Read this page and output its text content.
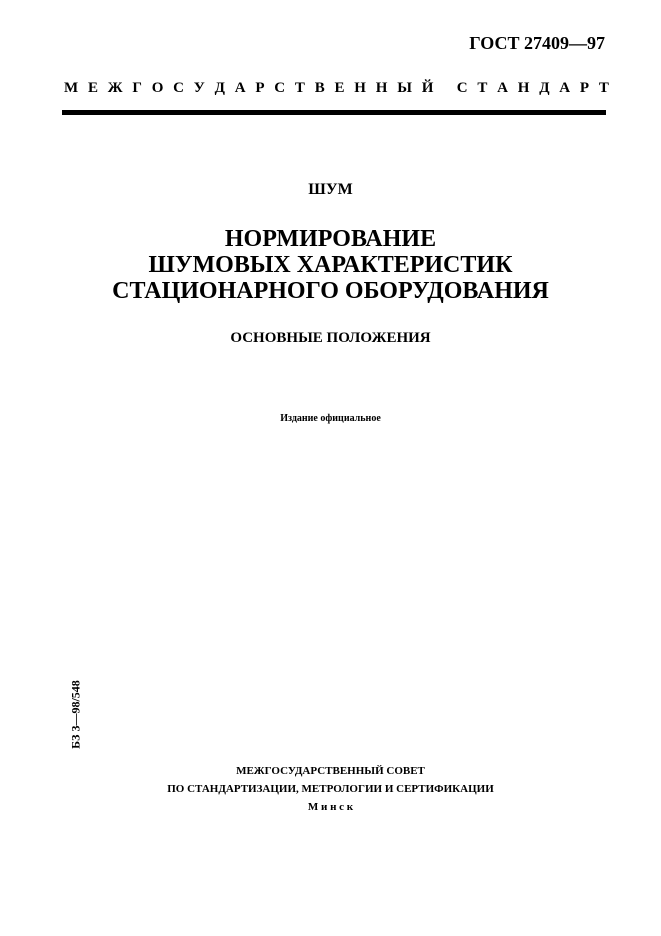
ГОСТ 27409—97
М Е Ж Г О С У Д А Р С Т В Е Н Н Ы Й
С Т А Н Д А Р Т
ШУМ
НОРМИРОВАНИЕ
ШУМОВЫХ ХАРАКТЕРИСТИК
СТАЦИОНАРНОГО ОБОРУДОВАНИЯ
ОСНОВНЫЕ ПОЛОЖЕНИЯ
Издание официальное
БЗ 3—98/548
МЕЖГОСУДАРСТВЕННЫЙ СОВЕТ
ПО СТАНДАРТИЗАЦИИ, МЕТРОЛОГИИ И СЕРТИФИКАЦИИ
М и н с к
